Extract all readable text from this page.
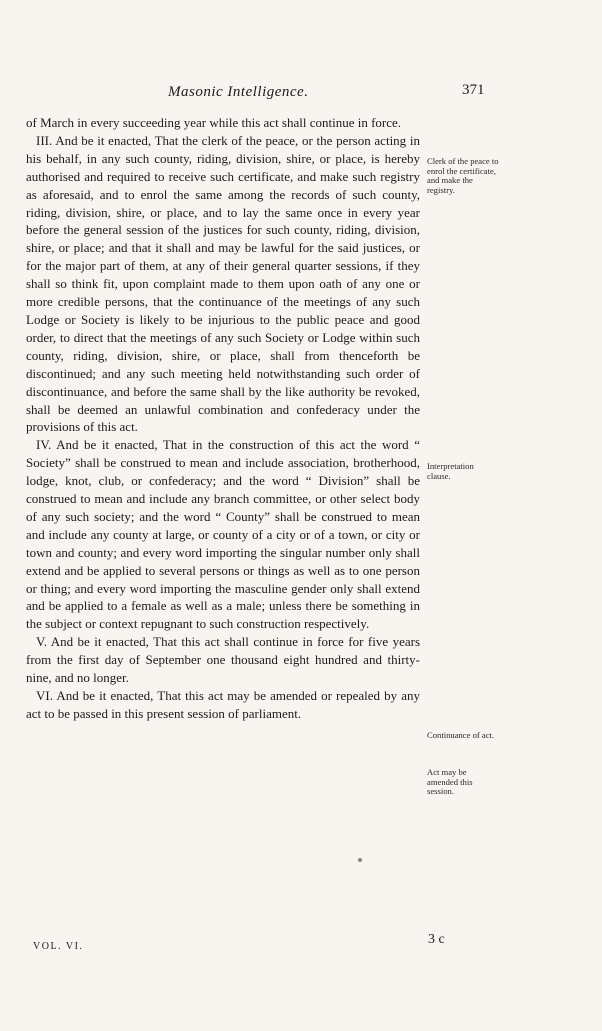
Masonic Intelligence.	371

of March in every succeeding year while this act shall continue in force.

III. And be it enacted, That the clerk of the peace, or the person acting in his behalf, in any such county, riding, division, shire, or place, is hereby authorised and required to receive such certificate, and make such registry as aforesaid, and to enrol the same among the records of such county, riding, division, shire, or place, and to lay the same once in every year before the general session of the justices for such county, riding, division, shire, or place; and that it shall and may be lawful for the said justices, or for the major part of them, at any of their general quarter sessions, if they shall so think fit, upon complaint made to them upon oath of any one or more credible persons, that the continuance of the meetings of any such Lodge or Society is likely to be injurious to the public peace and good order, to direct that the meetings of any such Society or Lodge within such county, riding, division, shire, or place, shall from thenceforth be discontinued; and any such meeting held notwithstanding such order of discontinuance, and before the same shall by the like authority be revoked, shall be deemed an unlawful combination and confederacy under the provisions of this act.

IV. And be it enacted, That in the construction of this act the word “ Society” shall be construed to mean and include association, brotherhood, lodge, knot, club, or confederacy; and the word “ Division” shall be construed to mean and include any branch committee, or other select body of any such society; and the word “ County” shall be construed to mean and include any county at large, or county of a city or of a town, or city or town and county; and every word importing the singular number only shall extend and be applied to several persons or things as well as to one person or thing; and every word importing the masculine gender only shall extend and be applied to a female as well as a male; unless there be something in the subject or context repugnant to such construction respectively.

V. And be it enacted, That this act shall continue in force for five years from the first day of September one thousand eight hundred and thirty-nine, and no longer.

VI. And be it enacted, That this act may be amended or repealed by any act to be passed in this present session of parliament.

Clerk of the peace to enrol the certificate, and make the registry.
Interpretation clause.
Continuance of act.
Act may be amended this session.
VOL. VI.	3 c
